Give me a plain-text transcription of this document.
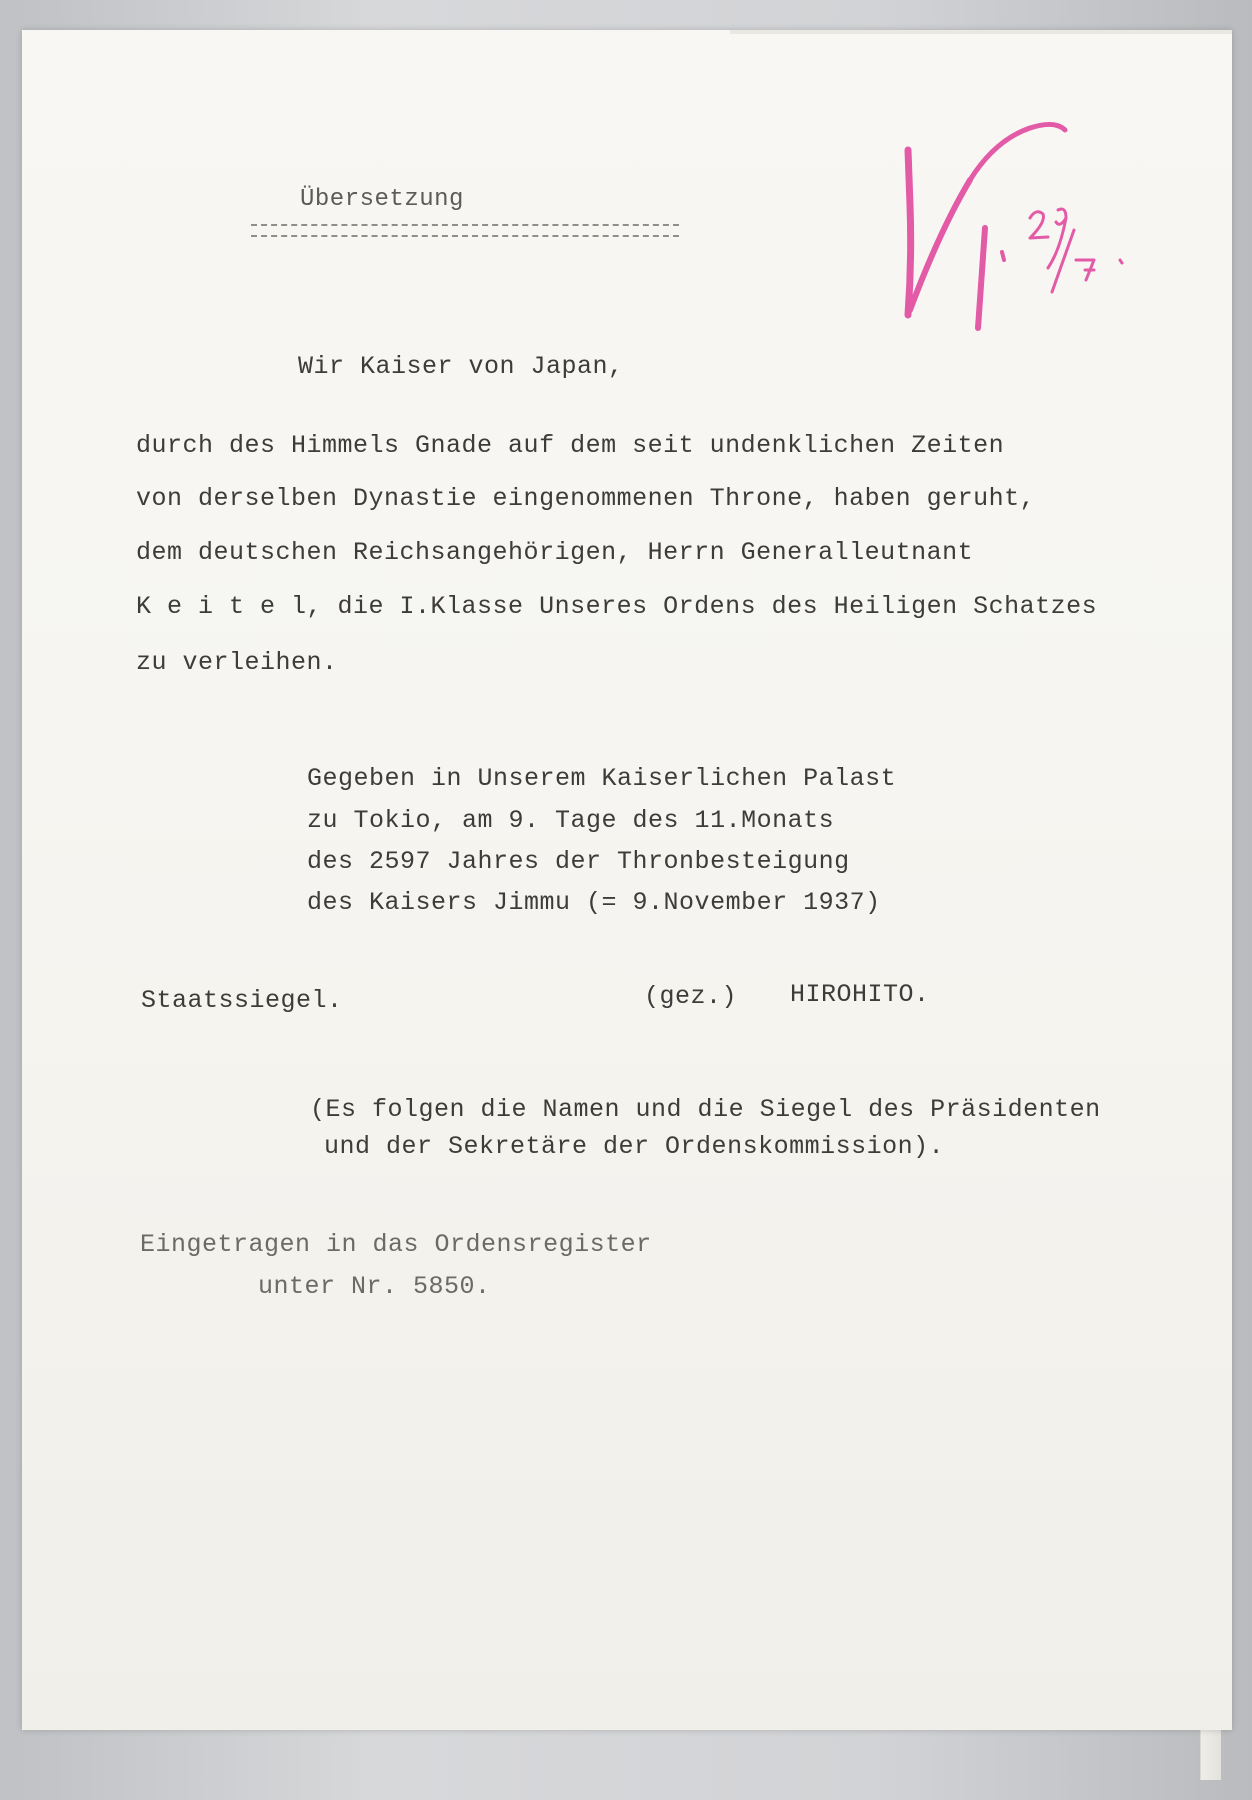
Übersetzung
Wir Kaiser von Japan,
durch des Himmels Gnade auf dem seit undenklichen Zeiten
von derselben Dynastie eingenommenen Throne, haben geruht,
dem deutschen Reichsangehörigen, Herrn Generalleutnant
K e i t e l, die I.Klasse Unseres Ordens des Heiligen Schatzes
zu verleihen.
Gegeben in Unserem Kaiserlichen Palast
zu Tokio, am 9. Tage des 11.Monats
des 2597 Jahres der Thronbesteigung
des Kaisers Jimmu (= 9.November 1937)
Staatssiegel.	(gez.) HIROHITO.
(Es folgen die Namen und die Siegel des Präsidenten
und der Sekretäre der Ordenskommission).
Eingetragen in das Ordensregister
unter Nr. 5850.
